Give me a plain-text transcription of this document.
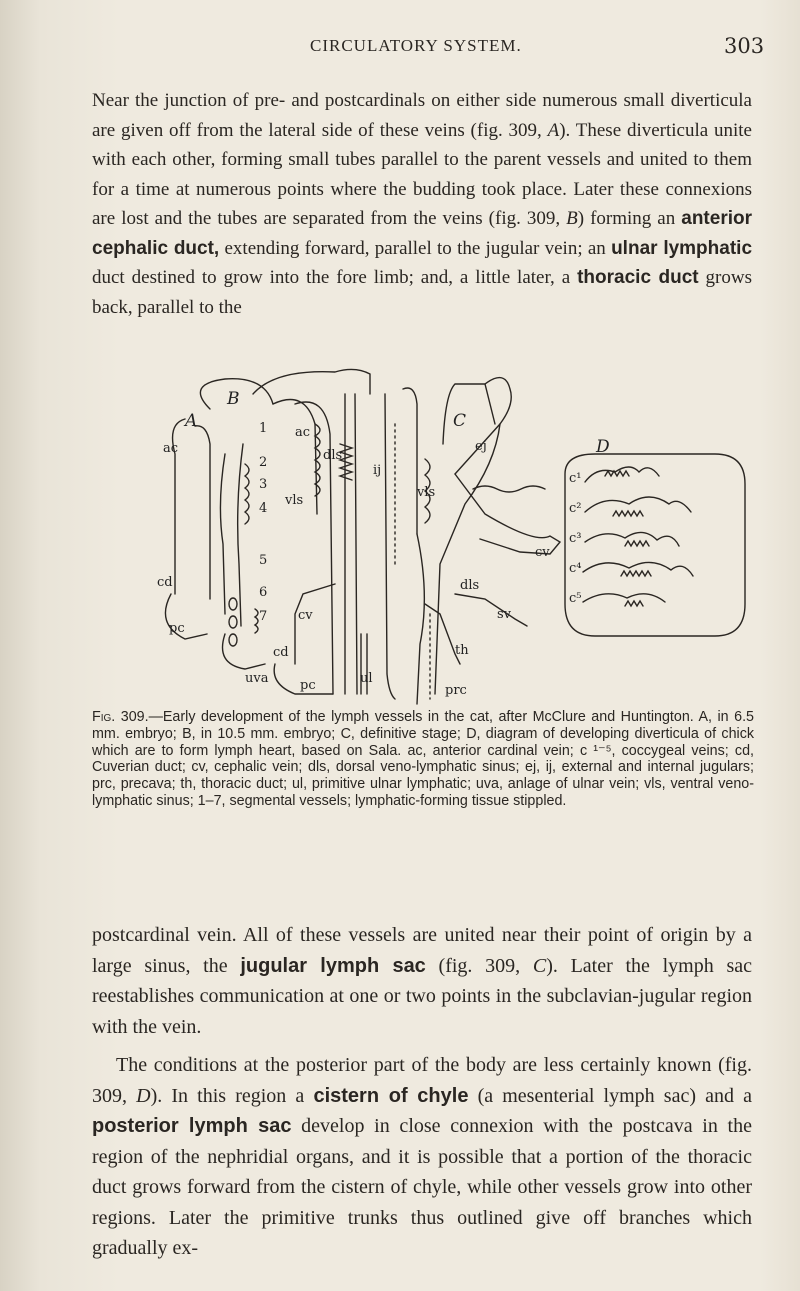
CIRCULATORY SYSTEM.	303
Near the junction of pre- and postcardinals on either side numerous small diverticula are given off from the lateral side of these veins (fig. 309, A). These diverticula unite with each other, forming small tubes parallel to the parent vessels and united to them for a time at numerous points where the budding took place. Later these connexions are lost and the tubes are separated from the veins (fig. 309, B) forming an anterior cephalic duct, extending forward, parallel to the jugular vein; an ulnar lymphatic duct destined to grow into the fore limb; and, a little later, a thoracic duct grows back, parallel to the
A
B
C
D
ac
cd
pc
1
2
3
4
5
6
7
ac
dls
vls
cv
cd
pc
uva	ul
ij
ej
vls
cv
dls
sv
th
prc
c¹
c²
c³
c⁴
c⁵
Fig. 309.—Early development of the lymph vessels in the cat, after McClure and Huntington. A, in 6.5 mm. embryo; B, in 10.5 mm. embryo; C, definitive stage; D, diagram of developing diverticula of chick which are to form lymph heart, based on Sala. ac, anterior cardinal vein; c ¹⁻⁵, coccygeal veins; cd, Cuverian duct; cv, cephalic vein; dls, dorsal veno-lymphatic sinus; ej, ij, external and internal jugulars; prc, precava; th, thoracic duct; ul, primitive ulnar lymphatic; uva, anlage of ulnar vein; vls, ventral veno-lymphatic sinus; 1–7, segmental vessels; lymphatic-forming tissue stippled.
postcardinal vein. All of these vessels are united near their point of origin by a large sinus, the jugular lymph sac (fig. 309, C). Later the lymph sac reestablishes communication at one or two points in the subclavian-jugular region with the vein.
The conditions at the posterior part of the body are less certainly known (fig. 309, D). In this region a cistern of chyle (a mesenterial lymph sac) and a posterior lymph sac develop in close connexion with the postcava in the region of the nephridial organs, and it is possible that a portion of the thoracic duct grows forward from the cistern of chyle, while other vessels grow into other regions. Later the primitive trunks thus outlined give off branches which gradually ex-
